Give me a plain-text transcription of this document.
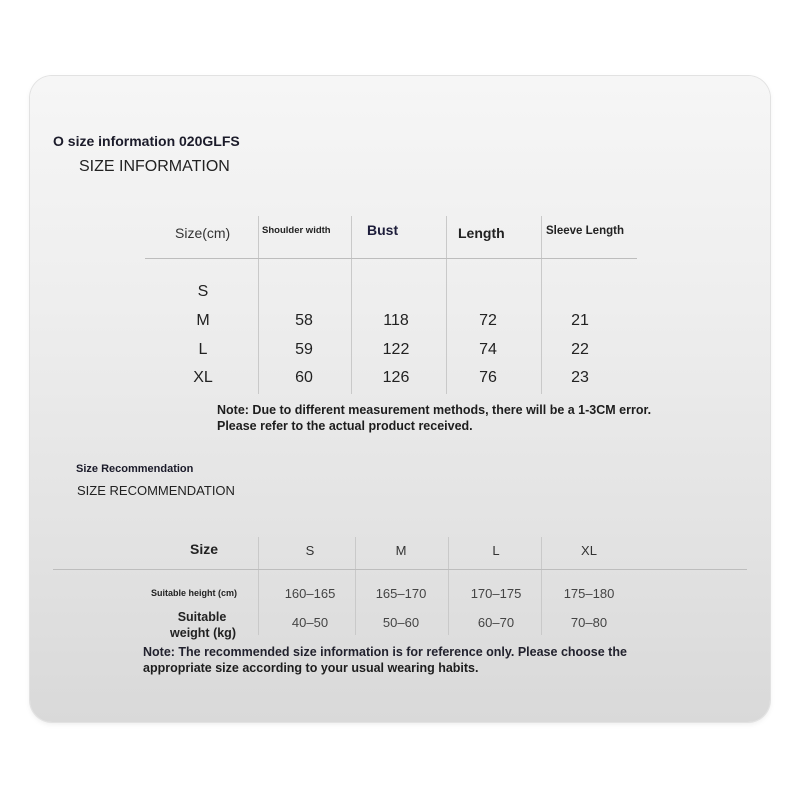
O size information 020GLFS
SIZE INFORMATION
Size(cm)	Shoulder width	Bust	Length	Sleeve Length
S
M	58	118	72	21
L	59	122	74	22
XL	60	126	76	23
Note: Due to different measurement methods, there will be a 1-3CM error.
Please refer to the actual product received.
Size Recommendation
SIZE RECOMMENDATION
Size	S	M	L	XL
Suitable height (cm)	160–165	165–170	170–175	175–180
Suitable
weight (kg)
40–50	50–60	60–70	70–80
Note: The recommended size information is for reference only. Please choose the
appropriate size according to your usual wearing habits.
